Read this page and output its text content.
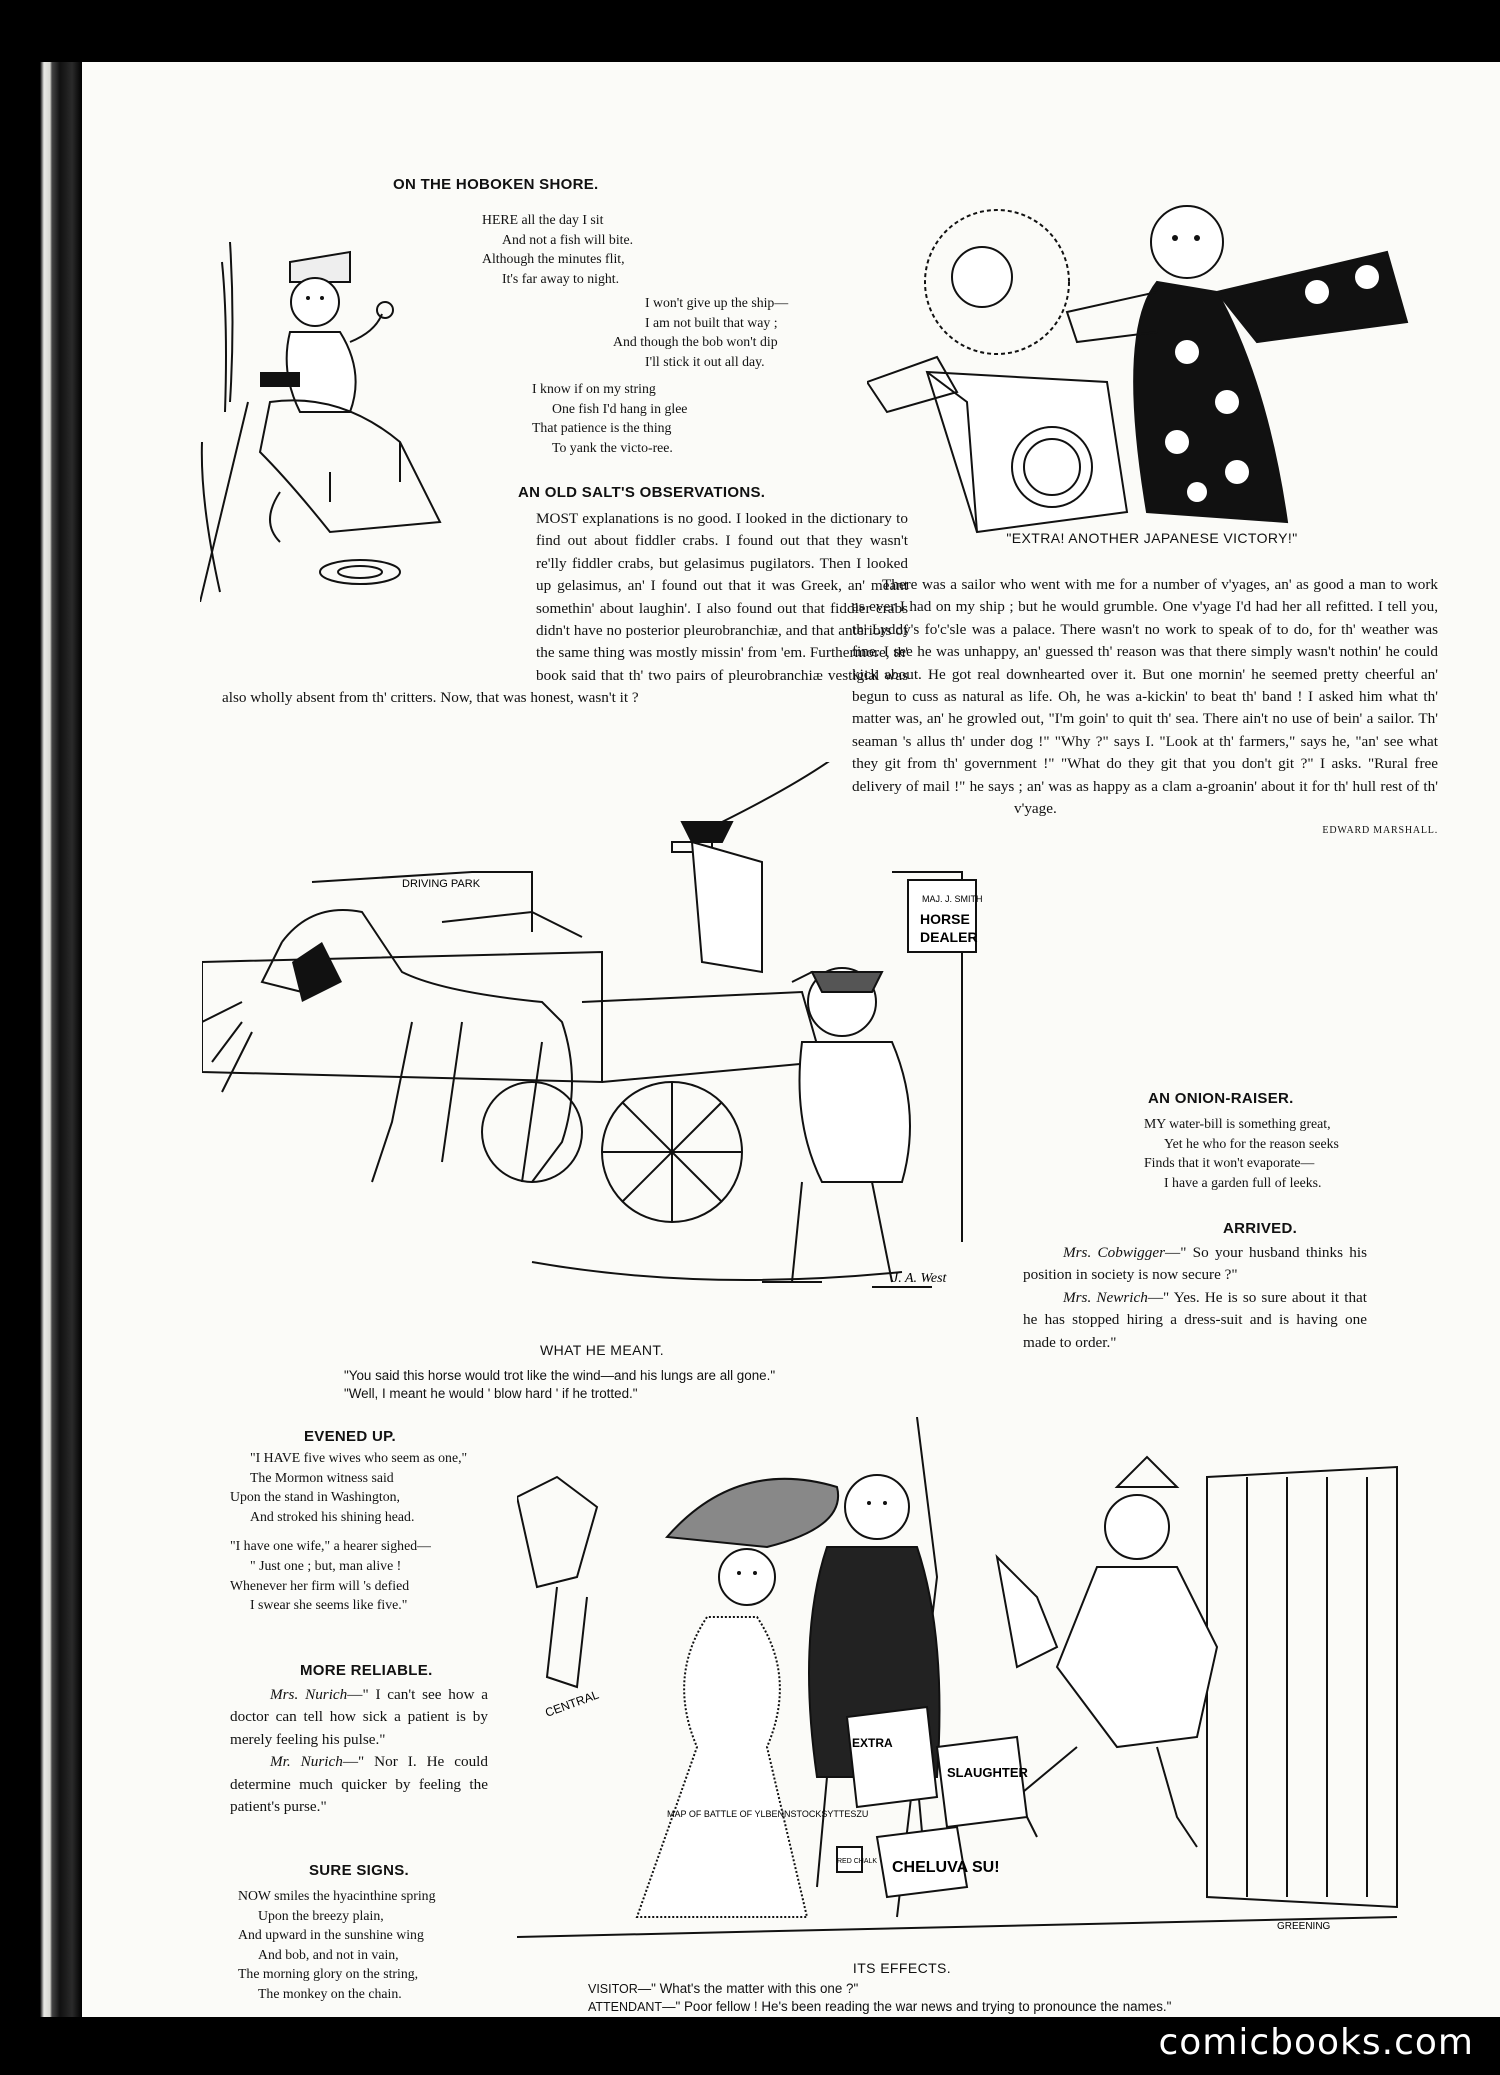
ON THE HOBOKEN SHORE.
HERE all the day I sit
And not a fish will bite.
Although the minutes flit,
It's far away to night.
I won't give up the ship—
I am not built that way ;
And though the bob won't dip
I'll stick it out all day.
I know if on my string
One fish I'd hang in glee
That patience is the thing
To yank the victo-ree.
"EXTRA! ANOTHER JAPANESE VICTORY!"
AN OLD SALT'S OBSERVATIONS.

MOST explanations is no good. I looked in the dictionary to find out about fiddler crabs. I found out that they wasn't re'lly fiddler crabs, but gelasimus pugilators. Then I looked up gelasimus, an' I found out that it was Greek, an' meant somethin' about laughin'. I also found out that fiddler crabs didn't have no posterior pleurobranchiæ, and that anteriors of the same thing was mostly missin' from 'em. Furthermore, th' book said that th' two pairs of pleurobranchiæ vestigial was also wholly absent from th' critters. Now, that was honest, wasn't it ?

There was a sailor who went with me for a number of v'yages, an' as good a man to work as ever I had on my ship ; but he would grumble. One v'yage I'd had her all refitted. I tell you, th' Lyddy's fo'c'sle was a palace. There wasn't no work to speak of to do, for th' weather was fine. I see he was unhappy, an' guessed th' reason was that there simply wasn't nothin' he could kick about. He got real downhearted over it. But one mornin' he seemed pretty cheerful an' begun to cuss as natural as life. Oh, he was a-kickin' to beat th' band ! I asked him what th' matter was, an' he growled out, "I'm goin' to quit th' sea. There ain't no use of bein' a sailor. Th' seaman 's allus th' under dog !" "Why ?" says I. "Look at th' farmers," says he, "an' see what they git from th' government !" "What do they git that you don't git ?" I asks. "Rural free delivery of mail !" he says ; an' was as happy as a clam a-groanin' about it for th' hull rest of th' v'yage.

EDWARD MARSHALL.
MAJ. J. SMITH
HORSE
DEALER
DRIVING PARK
J. A. West
WHAT HE MEANT.
"You said this horse would trot like the wind—and his lungs are all gone."
"Well, I meant he would ' blow hard ' if he trotted."
AN ONION-RAISER.
MY water-bill is something great,
Yet he who for the reason seeks
Finds that it won't evaporate—
I have a garden full of leeks.
ARRIVED.

Mrs. Cobwigger—" So your husband thinks his position in society is now secure ?"

Mrs. Newrich—" Yes. He is so sure about it that he has stopped hiring a dress-suit and is having one made to order."

EVENED UP.
"I HAVE five wives who seem as one,"
The Mormon witness said
Upon the stand in Washington,
And stroked his shining head.
"I have one wife," a hearer sighed—
" Just one ; but, man alive !
Whenever her firm will 's defied
I swear she seems like five."
MORE RELIABLE.

Mrs. Nurich—" I can't see how a doctor can tell how sick a patient is by merely feeling his pulse."

Mr. Nurich—" Nor I. He could determine much quicker by feeling the patient's purse."

SURE SIGNS.
NOW smiles the hyacinthine spring
Upon the breezy plain,
And upward in the sunshine wing
And bob, and not in vain,
The morning glory on the string,
The monkey on the chain.
CENTRAL
MAP OF BATTLE OF YLBENNSTOCKSYTTESZU
RED CHALK
EXTRA
SLAUGHTER
CHELUVA SU!
GREENING
ITS EFFECTS.
VISITOR—" What's the matter with this one ?"
ATTENDANT—" Poor fellow ! He's been reading the war news and trying to pronounce the names."
comicbooks.com
